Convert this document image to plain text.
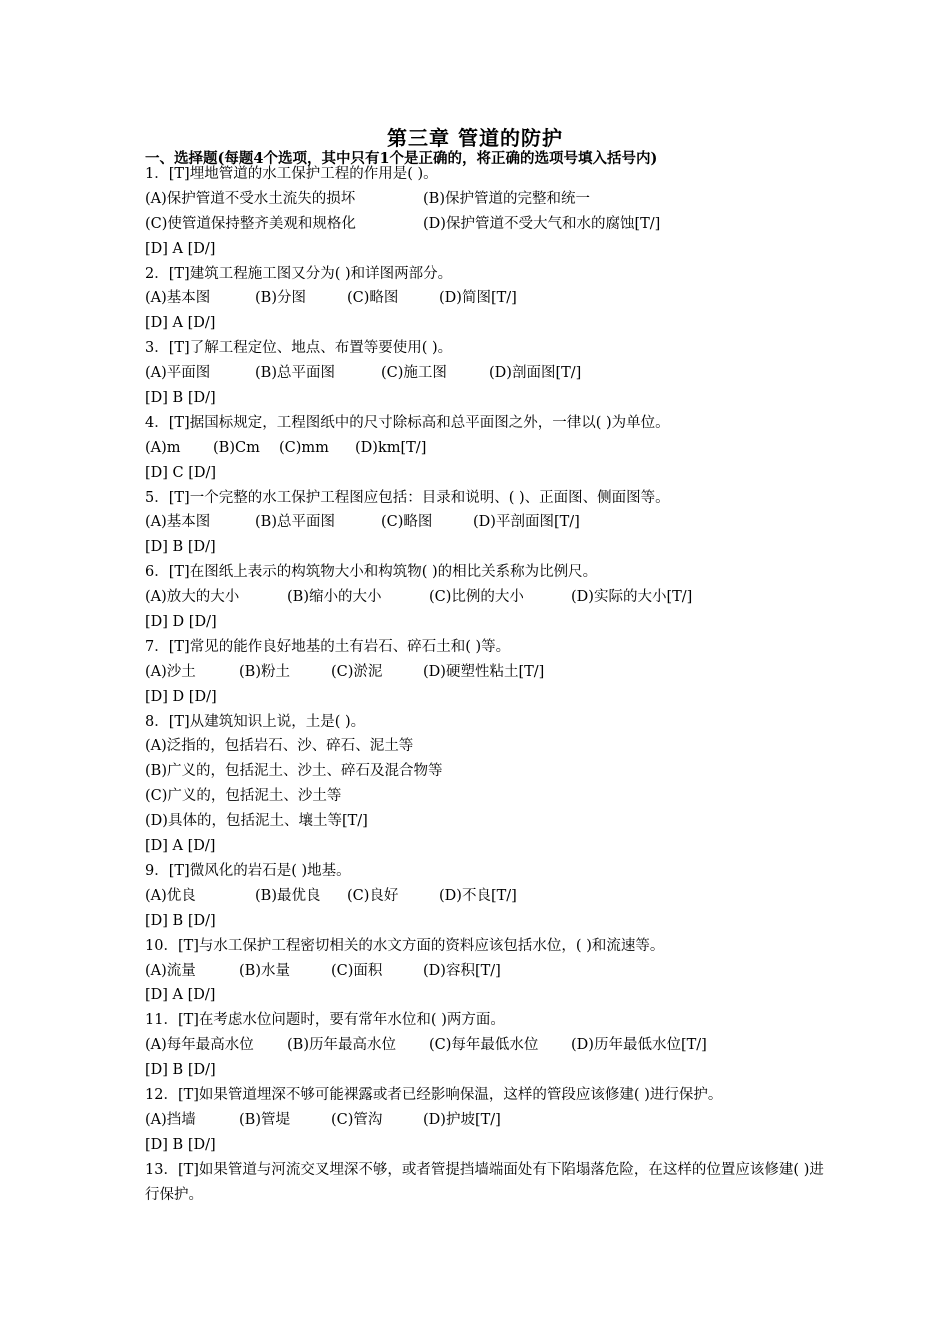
第三章 管道的防护
一、选择题(每题4个选项，其中只有1个是正确的，将正确的选项号填入括号内)
1．[T]埋地管道的水工保护工程的作用是( )。
(A)保护管道不受水土流失的损坏	(B)保护管道的完整和统一
(C)使管道保持整齐美观和规格化	(D)保护管道不受大气和水的腐蚀[T/]
[D] A [D/]
2．[T]建筑工程施工图又分为( )和详图两部分。
(A)基本图	(B)分图	(C)略图	(D)简图[T/]
[D] A [D/]
3．[T]了解工程定位、地点、布置等要使用( )。
(A)平面图	(B)总平面图	(C)施工图	(D)剖面图[T/]
[D] B [D/]
4．[T]据国标规定，工程图纸中的尺寸除标高和总平面图之外，一律以( )为单位。
(A)m	(B)Cm	(C)mm	(D)km[T/]
[D] C [D/]
5．[T]一个完整的水工保护工程图应包括：目录和说明、( )、正面图、侧面图等。
(A)基本图	(B)总平面图	(C)略图	(D)平剖面图[T/]
[D] B [D/]
6．[T]在图纸上表示的构筑物大小和构筑物( )的相比关系称为比例尺。
(A)放大的大小	(B)缩小的大小	(C)比例的大小	(D)实际的大小[T/]
[D] D [D/]
7．[T]常见的能作良好地基的土有岩石、碎石土和( )等。
(A)沙土	(B)粉土	(C)淤泥	(D)硬塑性粘土[T/]
[D] D [D/]
8．[T]从建筑知识上说，土是( )。
(A)泛指的，包括岩石、沙、碎石、泥土等
(B)广义的，包括泥土、沙土、碎石及混合物等
(C)广义的，包括泥土、沙土等
(D)具体的，包括泥土、壤土等[T/]
[D] A [D/]
9．[T]微风化的岩石是( )地基。
(A)优良	(B)最优良	(C)良好	(D)不良[T/]
[D] B [D/]
10．[T]与水工保护工程密切相关的水文方面的资料应该包括水位，( )和流速等。
(A)流量	(B)水量	(C)面积	(D)容积[T/]
[D] A [D/]
11．[T]在考虑水位问题时，要有常年水位和( )两方面。
(A)每年最高水位	(B)历年最高水位	(C)每年最低水位	(D)历年最低水位[T/]
[D] B [D/]
12．[T]如果管道埋深不够可能裸露或者已经影响保温，这样的管段应该修建( )进行保护。
(A)挡墙	(B)管堤	(C)管沟	(D)护坡[T/]
[D] B [D/]
13．[T]如果管道与河流交叉埋深不够，或者管提挡墙端面处有下陷塌落危险，在这样的位置应该修建( )进行保护。
